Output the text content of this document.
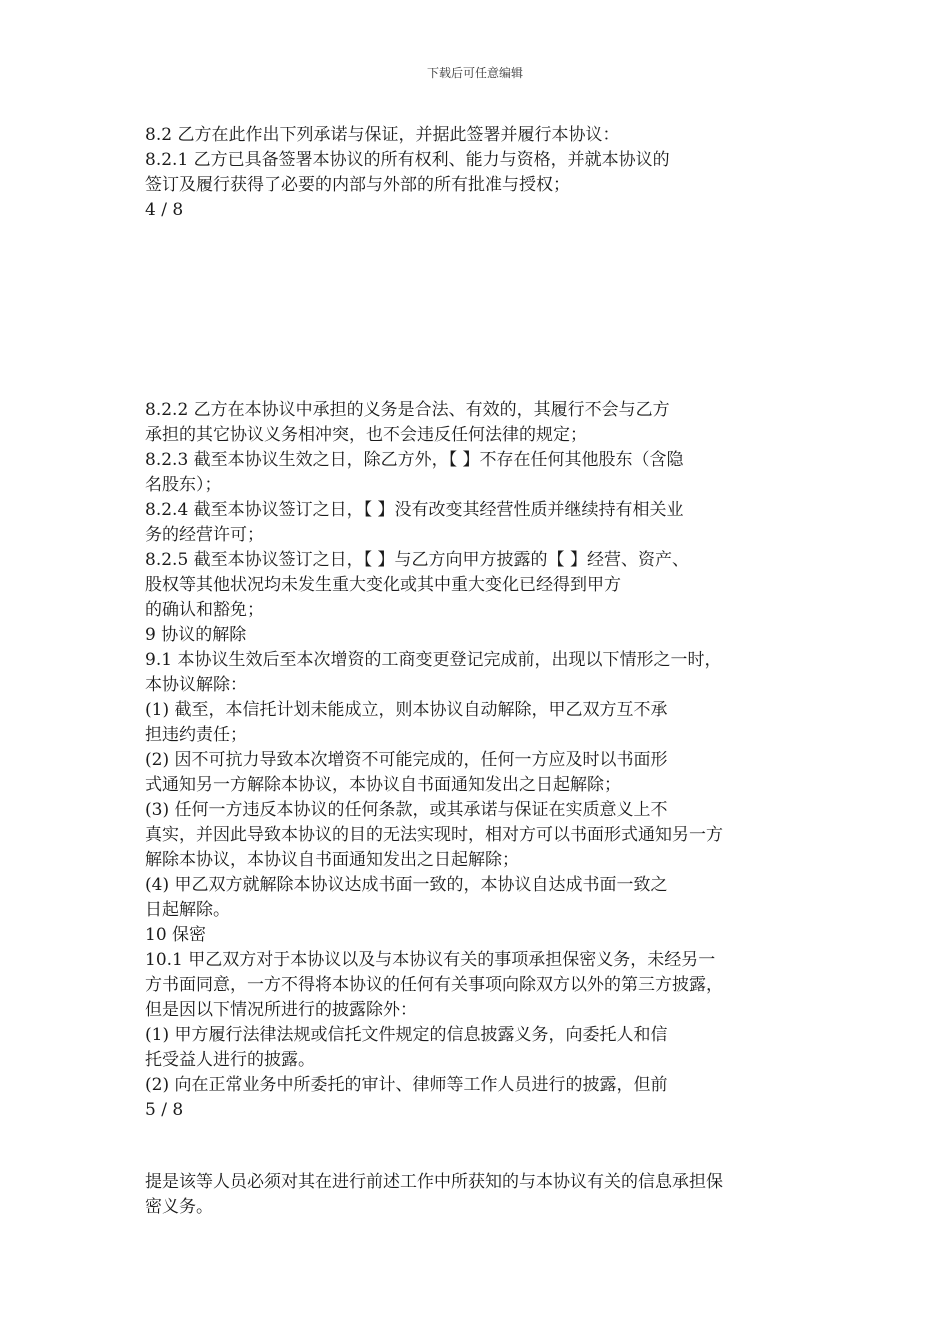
下载后可任意编辑
8.2 乙方在此作出下列承诺与保证，并据此签署并履行本协议：
8.2.1 乙方已具备签署本协议的所有权利、能力与资格，并就本协议的
签订及履行获得了必要的内部与外部的所有批准与授权；
4 / 8
8.2.2 乙方在本协议中承担的义务是合法、有效的，其履行不会与乙方
承担的其它协议义务相冲突，也不会违反任何法律的规定；
8.2.3 截至本协议生效之日，除乙方外，【 】不存在任何其他股东（含隐
名股东）；
8.2.4 截至本协议签订之日，【 】没有改变其经营性质并继续持有相关业
务的经营许可；
8.2.5 截至本协议签订之日，【 】与乙方向甲方披露的【 】经营、资产、
股权等其他状况均未发生重大变化或其中重大变化已经得到甲方
的确认和豁免；
9 协议的解除
9.1 本协议生效后至本次增资的工商变更登记完成前，出现以下情形之一时，
本协议解除：
(1) 截至，本信托计划未能成立，则本协议自动解除，甲乙双方互不承
担违约责任；
(2) 因不可抗力导致本次增资不可能完成的，任何一方应及时以书面形
式通知另一方解除本协议，本协议自书面通知发出之日起解除；
(3) 任何一方违反本协议的任何条款，或其承诺与保证在实质意义上不
真实，并因此导致本协议的目的无法实现时，相对方可以书面形式通知另一方
解除本协议，本协议自书面通知发出之日起解除；
(4) 甲乙双方就解除本协议达成书面一致的，本协议自达成书面一致之
日起解除。
10 保密
10.1 甲乙双方对于本协议以及与本协议有关的事项承担保密义务，未经另一
方书面同意，一方不得将本协议的任何有关事项向除双方以外的第三方披露，
但是因以下情况所进行的披露除外：
(1) 甲方履行法律法规或信托文件规定的信息披露义务，向委托人和信
托受益人进行的披露。
(2) 向在正常业务中所委托的审计、律师等工作人员进行的披露，但前
5 / 8
提是该等人员必须对其在进行前述工作中所获知的与本协议有关的信息承担保
密义务。
